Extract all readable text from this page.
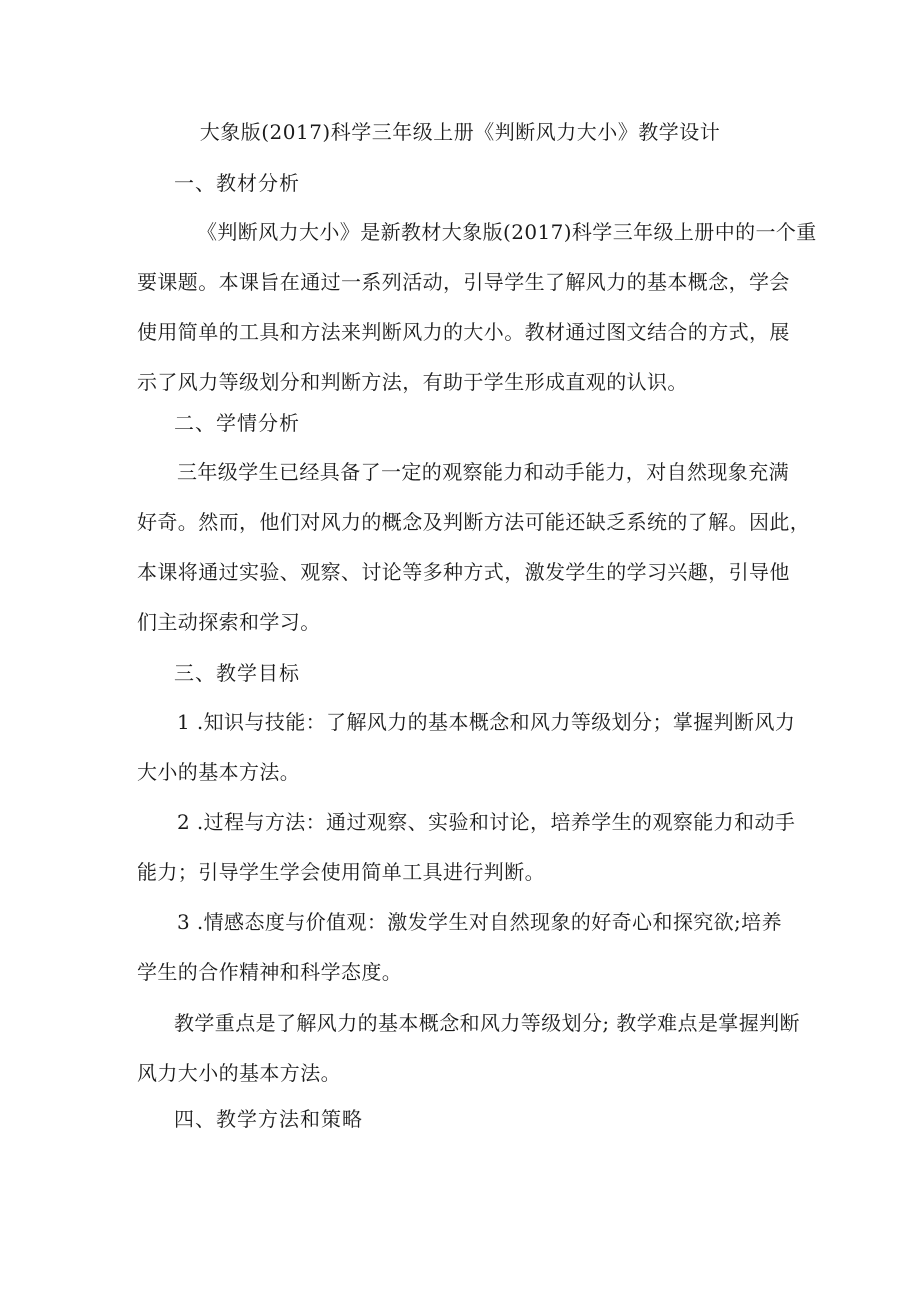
大象版(2017)科学三年级上册《判断风力大小》教学设计
一、教材分析
《判断风力大小》是新教材大象版(2017)科学三年级上册中的一个重
要课题。本课旨在通过一系列活动，引导学生了解风力的基本概念，学会
使用简单的工具和方法来判断风力的大小。教材通过图文结合的方式，展
示了风力等级划分和判断方法，有助于学生形成直观的认识。
二、学情分析
三年级学生已经具备了一定的观察能力和动手能力，对自然现象充满
好奇。然而，他们对风力的概念及判断方法可能还缺乏系统的了解。因此，
本课将通过实验、观察、讨论等多种方式，激发学生的学习兴趣，引导他
们主动探索和学习。
三、教学目标
1 .知识与技能：了解风力的基本概念和风力等级划分；掌握判断风力
大小的基本方法。
2 .过程与方法：通过观察、实验和讨论，培养学生的观察能力和动手
能力；引导学生学会使用简单工具进行判断。
3 .情感态度与价值观：激发学生对自然现象的好奇心和探究欲;培养
学生的合作精神和科学态度。
教学重点是了解风力的基本概念和风力等级划分; 教学难点是掌握判断
风力大小的基本方法。
四、教学方法和策略
